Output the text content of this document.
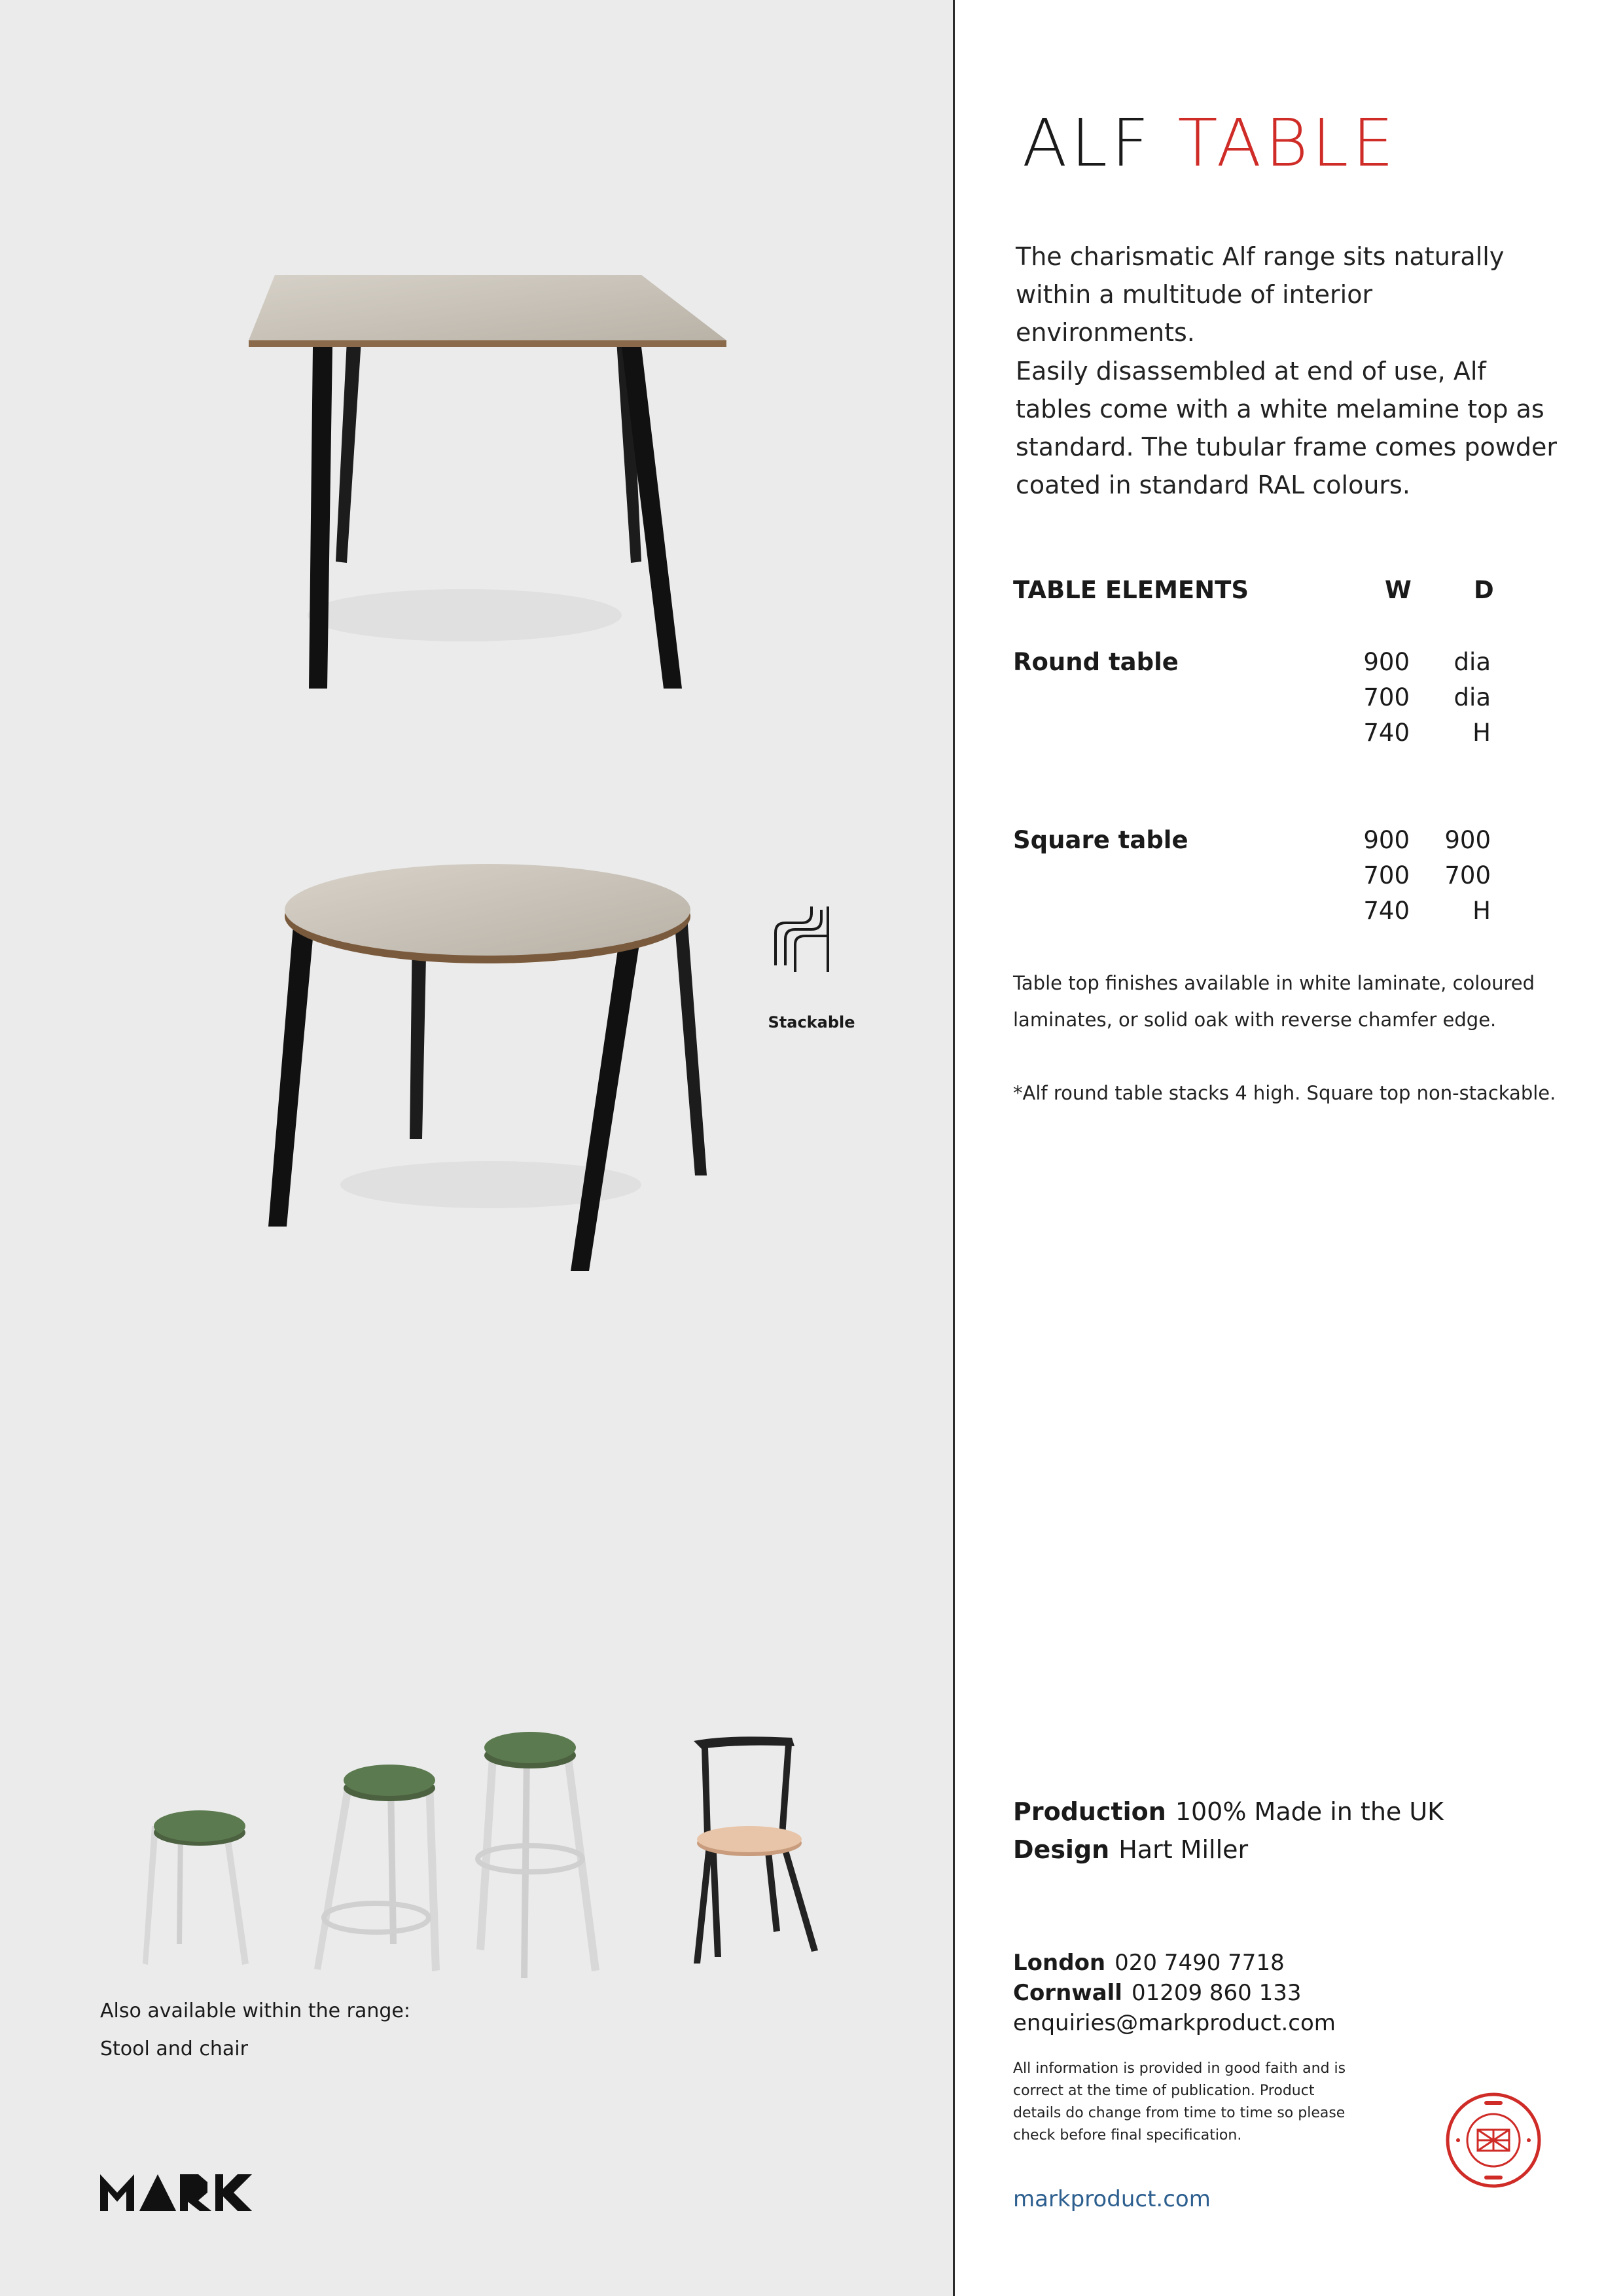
Stackable
Also available within the range:
Stool and chair
ALF TABLE
The charismatic Alf range sits naturally within a multitude of interior environments.
Easily disassembled at end of use, Alf tables come with a white melamine top as standard. The tubular frame comes powder coated in standard RAL colours.
TABLE ELEMENTS	W	D
Round table	900	dia
700	dia
740	H
Square table	900	900
700	700
740	H
Table top finishes available in white laminate, coloured laminates, or solid oak with reverse chamfer edge.
*Alf round table stacks 4 high. Square top non-stackable.
Production 100% Made in the UK
Design Hart Miller
London 020 7490 7718
Cornwall 01209 860 133
enquiries@markproduct.com
All information is provided in good faith and is correct at the time of publication. Product details do change from time to time so please check before final specification.
markproduct.com
